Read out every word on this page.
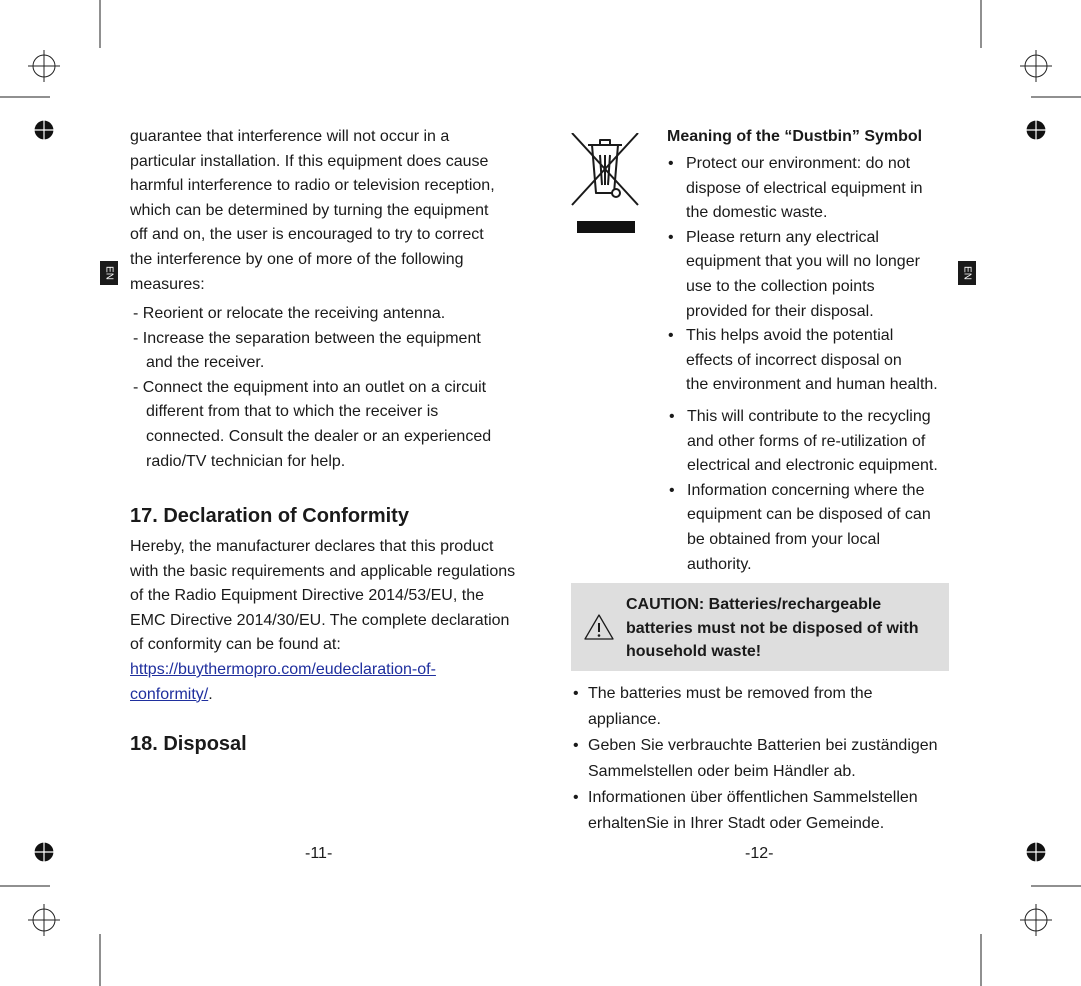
EN	EN
guarantee that interference will not occur in a
particular installation. If this equipment does cause
harmful interference to radio or television reception,
which can be determined by turning the equipment
off and on, the user is encouraged to try to correct
the interference by one of more of the following
measures:
- Reorient or relocate the receiving antenna.
- Increase the separation between the equipment
and the receiver.
- Connect the equipment into an outlet on a circuit
different from that to which the receiver is
connected. Consult the dealer or an experienced
radio/TV technician for help.
17. Declaration of Conformity
Hereby, the manufacturer declares that this product
with the basic requirements and applicable regulations
of the Radio Equipment Directive 2014/53/EU, the
EMC Directive 2014/30/EU. The complete declaration
of conformity can be found at:
https://buythermopro.com/eudeclaration-of-
conformity/.
18. Disposal
-11-
Meaning of the “Dustbin” Symbol
• Protect our environment: do not
dispose of electrical equipment in
the domestic waste.
• Please return any electrical
equipment that you will no longer
use to the collection points
provided for their disposal.
• This helps avoid the potential
effects of incorrect disposal on
the environment and human health.
• This will contribute to the recycling
and other forms of re-utilization of
electrical and electronic equipment.
• Information concerning where the
equipment can be disposed of can
be obtained from your local
authority.
CAUTION: Batteries/rechargeable
batteries must not be disposed of with
household waste!
• The batteries must be removed from the
appliance.
• Geben Sie verbrauchte Batterien bei zuständigen
Sammelstellen oder beim Händler ab.
• Informationen über öffentlichen Sammelstellen
erhaltenSie in Ihrer Stadt oder Gemeinde.
-12-
